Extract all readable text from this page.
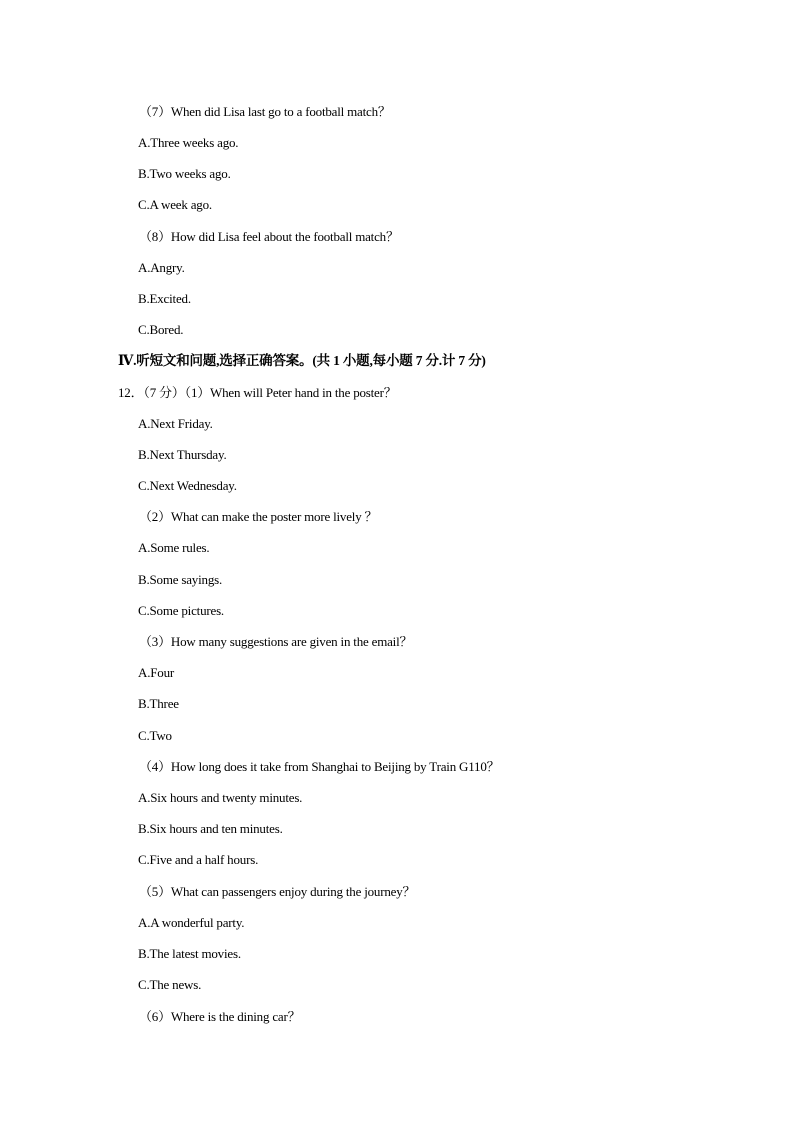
（7）When did Lisa last go to a football match？
A.Three weeks ago.
B.Two weeks ago.
C.A week ago.
（8）How did Lisa feel about the football match？
A.Angry.
B.Excited.
C.Bored.
Ⅳ.听短文和问题,选择正确答案。(共 1 小题,每小题 7 分.计 7 分)
12．（7 分）（1）When will Peter hand in the poster？
A.Next Friday.
B.Next Thursday.
C.Next Wednesday.
（2）What can make the poster more lively ？
A.Some rules.
B.Some sayings.
C.Some pictures.
（3）How many suggestions are given in the email？
A.Four
B.Three
C.Two
（4）How long does it take from Shanghai to Beijing by Train G110？
A.Six hours and twenty minutes.
B.Six hours and ten minutes.
C.Five and a half hours.
（5）What can passengers enjoy during the journey？
A.A wonderful party.
B.The latest movies.
C.The news.
（6）Where is the dining car？
